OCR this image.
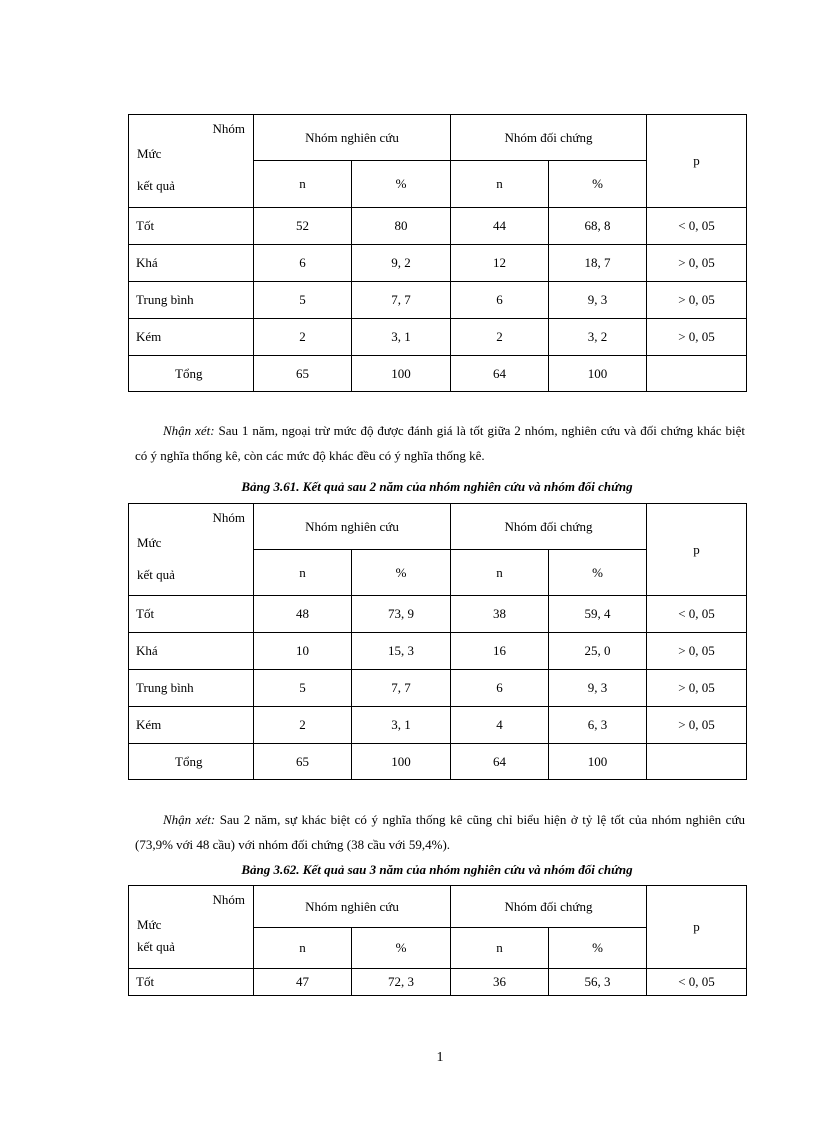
Nhóm
Mức
kết quả	Nhóm nghiên cứu		Nhóm đối chứng		p
	n	%	n	%	
Tốt	52	80	44	68, 8	< 0, 05
Khá	6	9, 2	12	18, 7	> 0, 05
Trung bình	5	7, 7	6	9, 3	> 0, 05
Kém	2	3, 1	2	3, 2	> 0, 05
Tổng	65	100	64	100	

Nhận xét: Sau 1 năm, ngoại trừ mức độ được đánh giá là tốt giữa 2 nhóm, nghiên cứu và đối chứng khác biệt có ý nghĩa thống kê, còn các mức độ khác đều có ý nghĩa thống kê.

Bảng 3.61. Kết quả sau 2 năm của nhóm nghiên cứu và nhóm đối chứng

Nhóm
Mức
kết quả	Nhóm nghiên cứu		Nhóm đối chứng		p
	n	%	n	%	
Tốt	48	73, 9	38	59, 4	< 0, 05
Khá	10	15, 3	16	25, 0	> 0, 05
Trung bình	5	7, 7	6	9, 3	> 0, 05
Kém	2	3, 1	4	6, 3	> 0, 05
Tổng	65	100	64	100	

Nhận xét: Sau 2 năm, sự khác biệt có ý nghĩa thống kê cũng chỉ biểu hiện ở tỷ lệ tốt của nhóm nghiên cứu (73,9% với 48 cầu) với nhóm đối chứng (38 cầu với 59,4%).

Bảng 3.62. Kết quả sau 3 năm của nhóm nghiên cứu và nhóm đối chứng

Nhóm
Mức
kết quả	Nhóm nghiên cứu		Nhóm đối chứng		p
	n	%	n	%	
Tốt	47	72, 3	36	56, 3	< 0, 05
1
